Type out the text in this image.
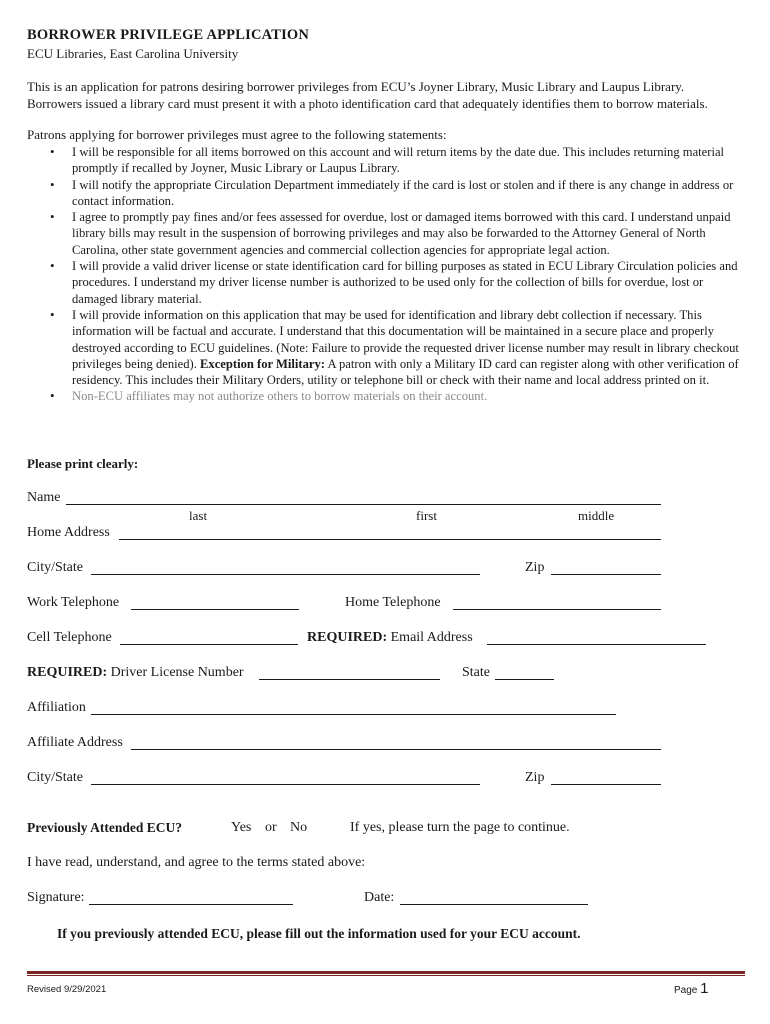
BORROWER PRIVILEGE APPLICATION
ECU Libraries, East Carolina University
This is an application for patrons desiring borrower privileges from ECU’s Joyner Library, Music Library and Laupus Library.
Borrowers issued a library card must present it with a photo identification card that adequately identifies them to borrow materials.
Patrons applying for borrower privileges must agree to the following statements:
• I will be responsible for all items borrowed on this account and will return items by the date due. This includes returning material promptly if recalled by Joyner, Music Library or Laupus Library.
• I will notify the appropriate Circulation Department immediately if the card is lost or stolen and if there is any change in address or contact information.
• I agree to promptly pay fines and/or fees assessed for overdue, lost or damaged items borrowed with this card. I understand unpaid library bills may result in the suspension of borrowing privileges and may also be forwarded to the Attorney General of North Carolina, other state government agencies and commercial collection agencies for appropriate legal action.
• I will provide a valid driver license or state identification card for billing purposes as stated in ECU Library Circulation policies and procedures. I understand my driver license number is authorized to be used only for the collection of bills for overdue, lost or damaged library material.
• I will provide information on this application that may be used for identification and library debt collection if necessary. This information will be factual and accurate. I understand that this documentation will be maintained in a secure place and properly destroyed according to ECU guidelines. (Note: Failure to provide the requested driver license number may result in library checkout privileges being denied). Exception for Military: A patron with only a Military ID card can register along with other verification of residency. This includes their Military Orders, utility or telephone bill or check with their name and local address printed on it.
• Non-ECU affiliates may not authorize others to borrow materials on their account.
Please print clearly:
Name
last	first	middle
Home Address
City/State	Zip
Work Telephone	Home Telephone
Cell Telephone	REQUIRED: Email Address
REQUIRED: Driver License Number	State
Affiliation
Affiliate Address
City/State	Zip
Previously Attended ECU?	Yes or No	If yes, please turn the page to continue.
I have read, understand, and agree to the terms stated above:
Signature:	Date:
If you previously attended ECU, please fill out the information used for your ECU account.
Revised 9/29/2021	Page 1
